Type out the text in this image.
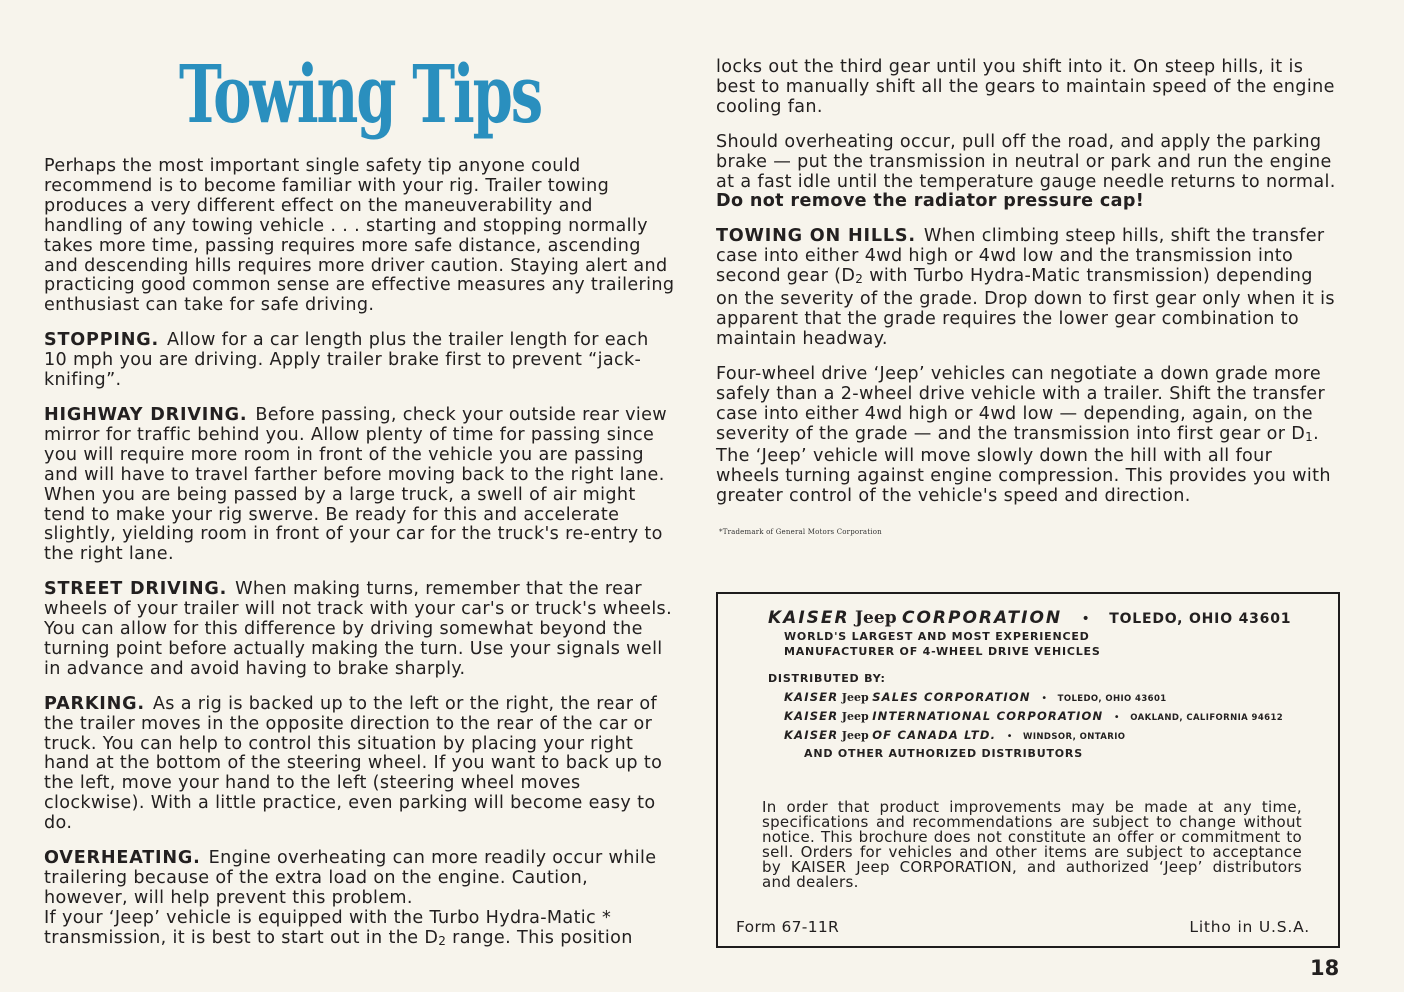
Towing Tips

Perhaps the most important single safety tip anyone could recommend is to become familiar with your rig. Trailer towing produces a very different effect on the maneuverability and handling of any towing vehicle . . . starting and stopping normally takes more time, passing requires more safe distance, ascending and descending hills requires more driver caution. Staying alert and practicing good common sense are effective measures any trailering enthusiast can take for safe driving.

STOPPING. Allow for a car length plus the trailer length for each 10 mph you are driving. Apply trailer brake first to prevent “jack-knifing”.

HIGHWAY DRIVING. Before passing, check your outside rear view mirror for traffic behind you. Allow plenty of time for passing since you will require more room in front of the vehicle you are passing and will have to travel farther before moving back to the right lane. When you are being passed by a large truck, a swell of air might tend to make your rig swerve. Be ready for this and accelerate slightly, yielding room in front of your car for the truck's re-entry to the right lane.

STREET DRIVING. When making turns, remember that the rear wheels of your trailer will not track with your car's or truck's wheels. You can allow for this difference by driving somewhat beyond the turning point before actually making the turn. Use your signals well in advance and avoid having to brake sharply.

PARKING. As a rig is backed up to the left or the right, the rear of the trailer moves in the opposite direction to the rear of the car or truck. You can help to control this situation by placing your right hand at the bottom of the steering wheel. If you want to back up to the left, move your hand to the left (steering wheel moves clockwise). With a little practice, even parking will become easy to do.

OVERHEATING. Engine overheating can more readily occur while trailering because of the extra load on the engine. Caution, however, will help prevent this problem.

If your ‘Jeep’ vehicle is equipped with the Turbo Hydra-Matic * transmission, it is best to start out in the D2 range. This position

locks out the third gear until you shift into it. On steep hills, it is best to manually shift all the gears to maintain speed of the engine cooling fan.

Should overheating occur, pull off the road, and apply the parking brake — put the transmission in neutral or park and run the engine at a fast idle until the temperature gauge needle returns to normal. Do not remove the radiator pressure cap!

TOWING ON HILLS. When climbing steep hills, shift the transfer case into either 4wd high or 4wd low and the transmission into second gear (D2 with Turbo Hydra-Matic transmission) depending on the severity of the grade. Drop down to first gear only when it is apparent that the grade requires the lower gear combination to maintain headway.

Four-wheel drive ‘Jeep’ vehicles can negotiate a down grade more safely than a 2-wheel drive vehicle with a trailer. Shift the transfer case into either 4wd high or 4wd low — depending, again, on the severity of the grade — and the transmission into first gear or D1. The ‘Jeep’ vehicle will move slowly down the hill with all four wheels turning against engine compression. This provides you with greater control of the vehicle's speed and direction.

*Trademark of General Motors Corporation

KAISER Jeep CORPORATION • TOLEDO, OHIO 43601
WORLD'S LARGEST AND MOST EXPERIENCED
MANUFACTURER OF 4-WHEEL DRIVE VEHICLES
DISTRIBUTED BY:
KAISER Jeep SALES CORPORATION • TOLEDO, OHIO 43601
KAISER Jeep INTERNATIONAL CORPORATION • OAKLAND, CALIFORNIA 94612
KAISER Jeep OF CANADA LTD. • WINDSOR, ONTARIO
AND OTHER AUTHORIZED DISTRIBUTORS

In order that product improvements may be made at any time, specifications and recommendations are subject to change without notice. This brochure does not constitute an offer or commitment to sell. Orders for vehicles and other items are subject to acceptance by KAISER Jeep CORPORATION, and authorized ‘Jeep’ distributors and dealers.

Form 67-11R	Litho in U.S.A.

18
